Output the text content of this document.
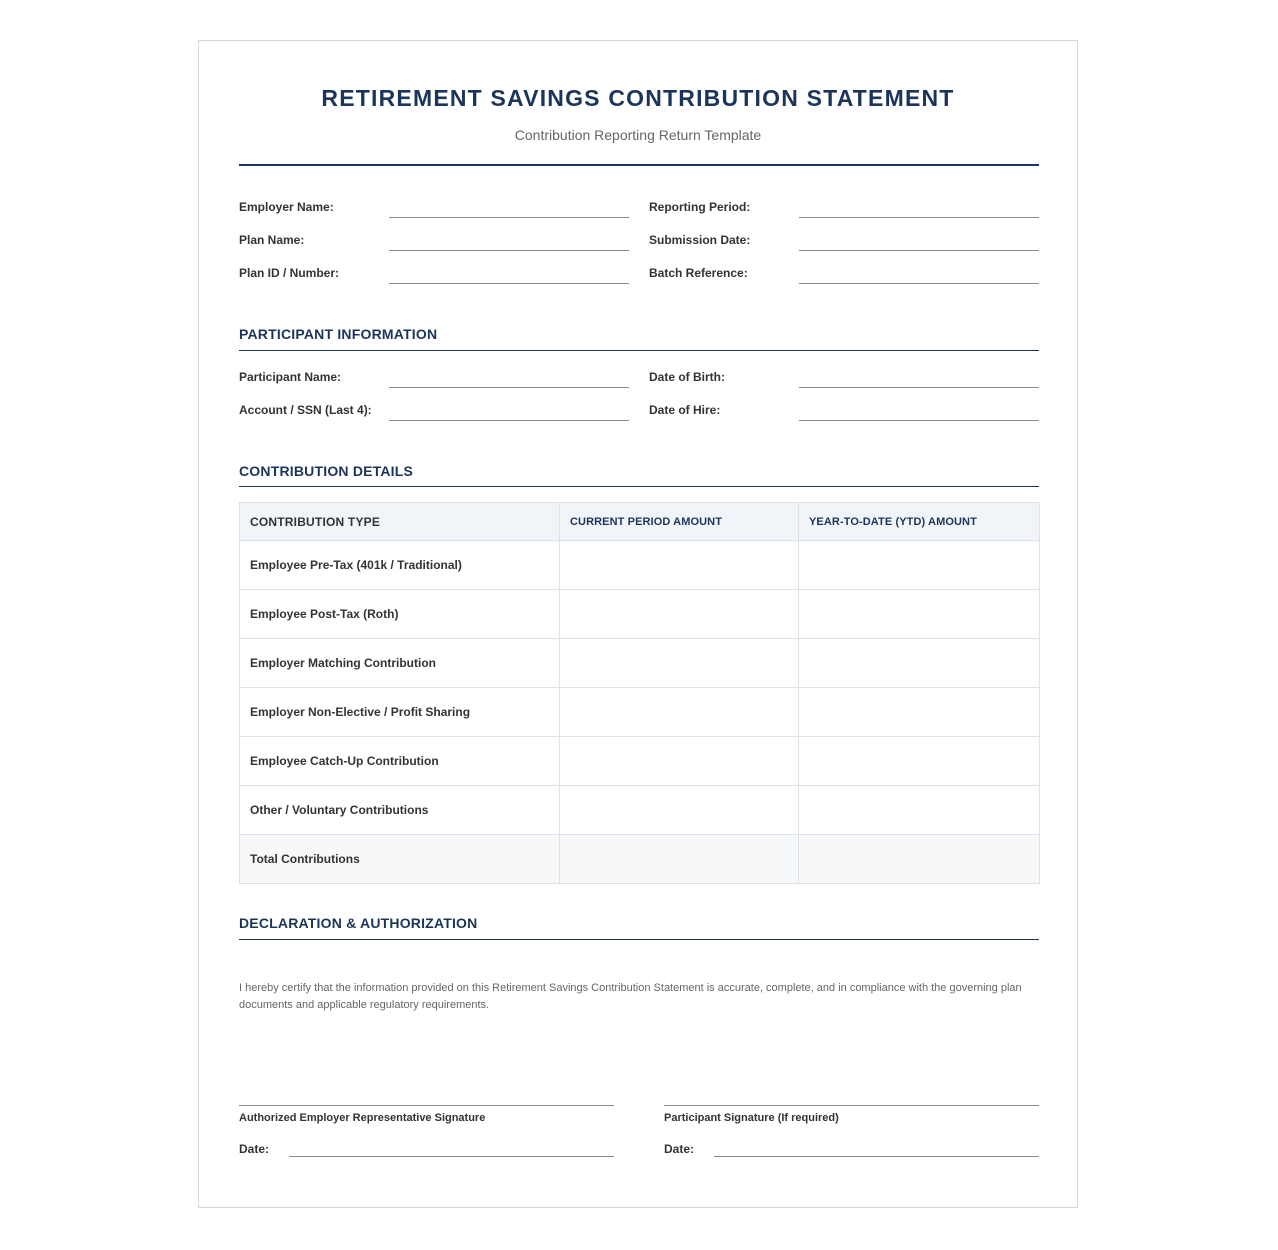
RETIREMENT SAVINGS CONTRIBUTION STATEMENT
Contribution Reporting Return Template
Employer Name:
Plan Name:
Plan ID / Number:
Reporting Period:
Submission Date:
Batch Reference:
PARTICIPANT INFORMATION
Participant Name:
Account / SSN (Last 4):
Date of Birth:
Date of Hire:
CONTRIBUTION DETAILS
CONTRIBUTION TYPE	CURRENT PERIOD AMOUNT	YEAR-TO-DATE (YTD) AMOUNT
Employee Pre-Tax (401k / Traditional)		
Employee Post-Tax (Roth)		
Employer Matching Contribution		
Employer Non-Elective / Profit Sharing		
Employee Catch-Up Contribution		
Other / Voluntary Contributions		
Total Contributions		
DECLARATION & AUTHORIZATION
I hereby certify that the information provided on this Retirement Savings Contribution Statement is accurate, complete, and in compliance with the governing plan documents and applicable regulatory requirements.
Authorized Employer Representative Signature
Date:
Participant Signature (If required)
Date:
